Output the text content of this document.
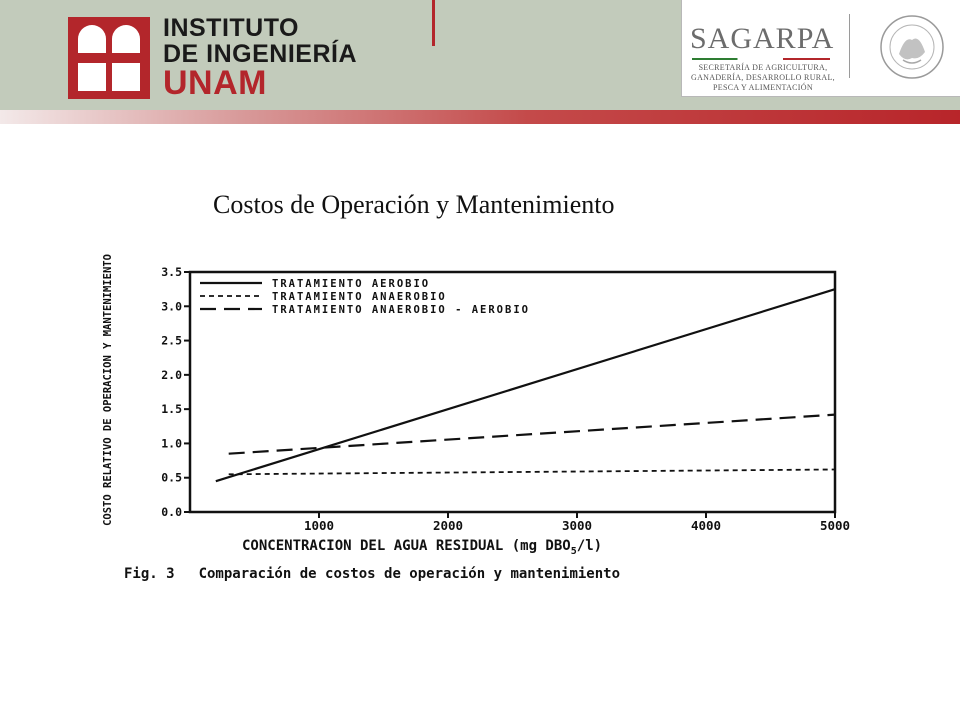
INSTITUTO
DE INGENIERÍA
UNAM
SAGARPA
SECRETARÍA DE AGRICULTURA,
GANADERÍA, DESARROLLO RURAL,
PESCA Y ALIMENTACIÓN
Costos de Operación y Mantenimiento
0.0
0.5
1.0
1.5
2.0
2.5
3.0
3.5
1000	2000	3000	4000	5000
TRATAMIENTO AEROBIO
TRATAMIENTO ANAEROBIO
TRATAMIENTO ANAEROBIO - AEROBIO
COSTO RELATIVO DE OPERACION Y MANTENIMIENTO
CONCENTRACION DEL AGUA RESIDUAL (mg $DBO_5/l$)
Fig. 3 Comparación de costos de operación y mantenimiento
